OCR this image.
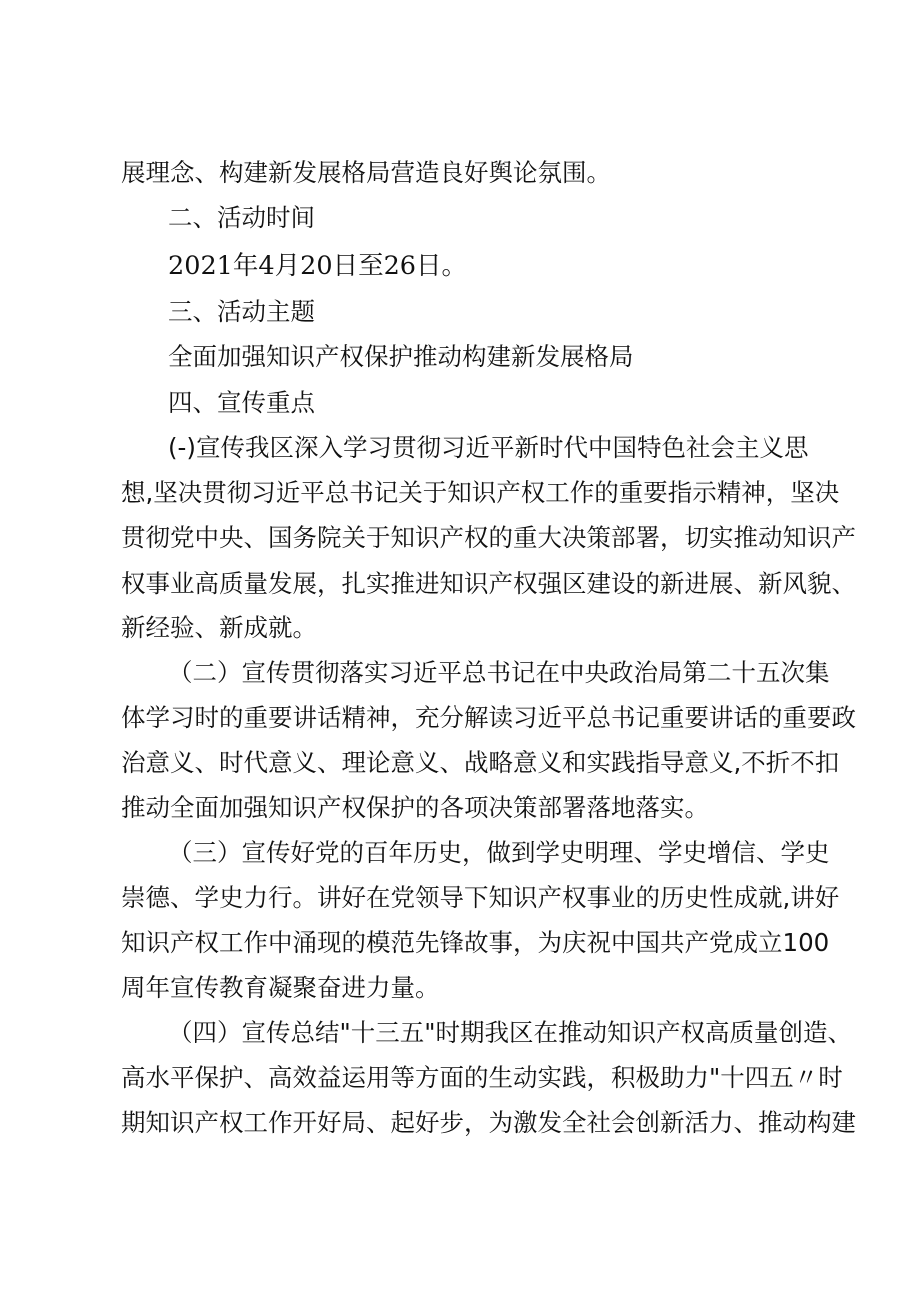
展理念、构建新发展格局营造良好舆论氛围。
二、活动时间
2021年4月20日至26日。
三、活动主题
全面加强知识产权保护推动构建新发展格局
四、宣传重点
(-)宣传我区深入学习贯彻习近平新时代中国特色社会主义思
想,坚决贯彻习近平总书记关于知识产权工作的重要指示精神，坚决
贯彻党中央、国务院关于知识产权的重大决策部署，切实推动知识产
权事业高质量发展，扎实推进知识产权强区建设的新进展、新风貌、
新经验、新成就。
（二）宣传贯彻落实习近平总书记在中央政治局第二十五次集
体学习时的重要讲话精神，充分解读习近平总书记重要讲话的重要政
治意义、时代意义、理论意义、战略意义和实践指导意义,不折不扣
推动全面加强知识产权保护的各项决策部署落地落实。
（三）宣传好党的百年历史，做到学史明理、学史增信、学史
崇德、学史力行。讲好在党领导下知识产权事业的历史性成就,讲好
知识产权工作中涌现的模范先锋故事，为庆祝中国共产党成立100
周年宣传教育凝聚奋进力量。
（四）宣传总结"十三五"时期我区在推动知识产权高质量创造、
高水平保护、高效益运用等方面的生动实践，积极助力"十四五〃时
期知识产权工作开好局、起好步，为激发全社会创新活力、推动构建
